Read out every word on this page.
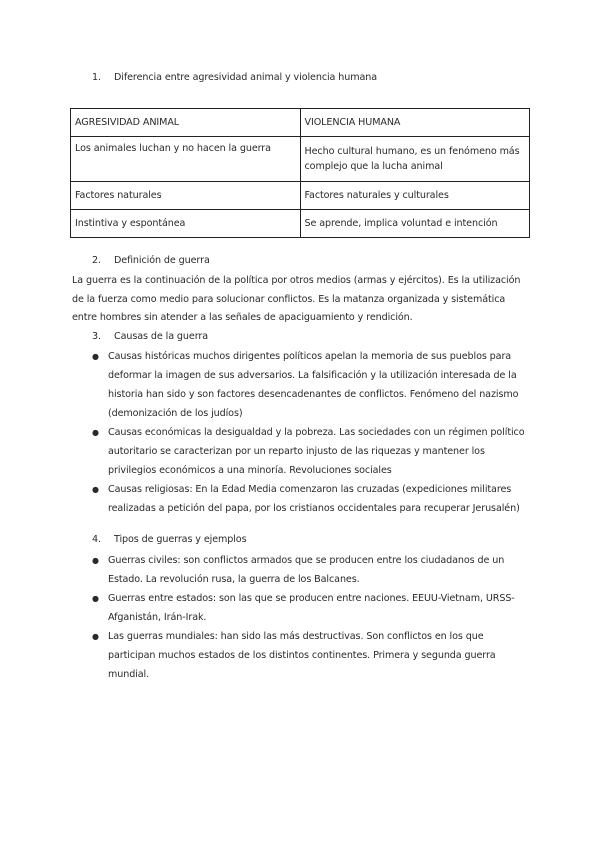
1.	Diferencia entre agresividad animal y violencia humana
AGRESIVIDAD ANIMAL	VIOLENCIA HUMANA
Los animales luchan y no hacen la guerra	Hecho cultural humano, es un fenómeno más complejo que la lucha animal
Factores naturales	Factores naturales y culturales
Instintiva y espontánea	Se aprende, implica voluntad e intención
2.	Definición de guerra
La guerra es la continuación de la política por otros medios (armas y ejércitos). Es la utilización de la fuerza como medio para solucionar conflictos. Es la matanza organizada y sistemática entre hombres sin atender a las señales de apaciguamiento y rendición.
3.	Causas de la guerra
● Causas históricas muchos dirigentes políticos apelan la memoria de sus pueblos para deformar la imagen de sus adversarios. La falsificación y la utilización interesada de la historia han sido y son factores desencadenantes de conflictos. Fenómeno del nazismo (demonización de los judíos)
● Causas económicas la desigualdad y la pobreza. Las sociedades con un régimen político autoritario se caracterizan por un reparto injusto de las riquezas y mantener los privilegios económicos a una minoría. Revoluciones sociales
● Causas religiosas: En la Edad Media comenzaron las cruzadas (expediciones militares realizadas a petición del papa, por los cristianos occidentales para recuperar Jerusalén)
4.	Tipos de guerras y ejemplos
● Guerras civiles: son conflictos armados que se producen entre los ciudadanos de un Estado. La revolución rusa, la guerra de los Balcanes.
● Guerras entre estados: son las que se producen entre naciones. EEUU-Vietnam, URSS-Afganistán, Irán-Irak.
● Las guerras mundiales: han sido las más destructivas. Son conflictos en los que participan muchos estados de los distintos continentes. Primera y segunda guerra mundial.
